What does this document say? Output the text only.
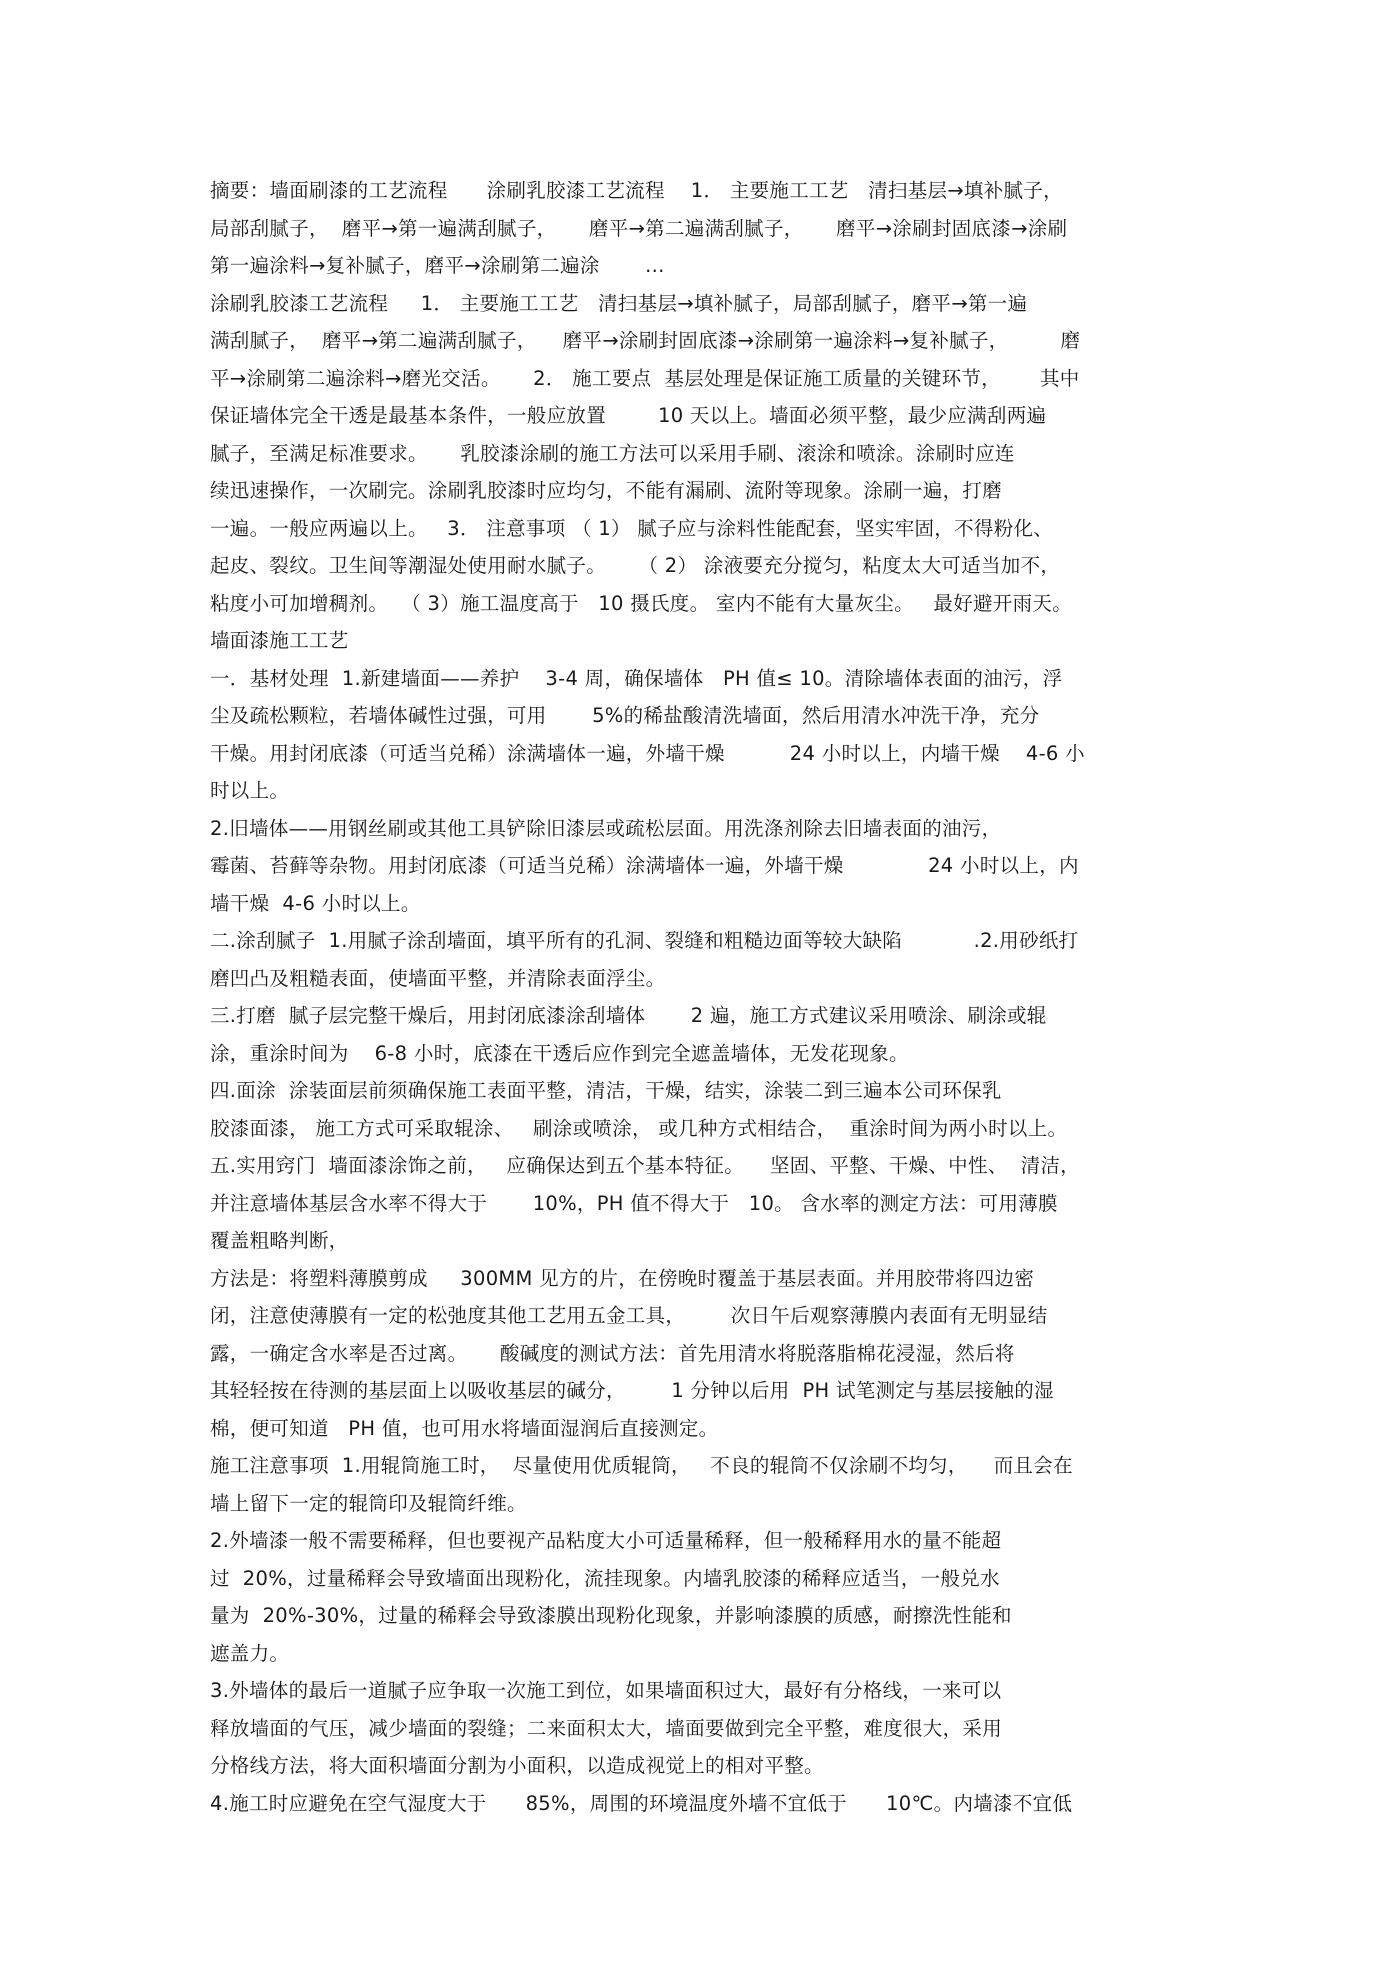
摘要：墙面刷漆的工艺流程      涂刷乳胶漆工艺流程    1． 主要施工工艺   清扫基层→填补腻子，
局部刮腻子，  磨平→第一遍满刮腻子，     磨平→第二遍满刮腻子，     磨平→涂刷封固底漆→涂刷
第一遍涂料→复补腻子，磨平→涂刷第二遍涂       ...
涂刷乳胶漆工艺流程     1． 主要施工工艺   清扫基层→填补腻子，局部刮腻子，磨平→第一遍
满刮腻子，  磨平→第二遍满刮腻子，    磨平→涂刷封固底漆→涂刷第一遍涂料→复补腻子，        磨
平→涂刷第二遍涂料→磨光交活。     2． 施工要点  基层处理是保证施工质量的关键环节，      其中
保证墙体完全干透是最基本条件，一般应放置        10 天以上。墙面必须平整，最少应满刮两遍
腻子，至满足标准要求。     乳胶漆涂刷的施工方法可以采用手刷、滚涂和喷涂。涂刷时应连
续迅速操作，一次刷完。涂刷乳胶漆时应均匀，不能有漏刷、流附等现象。涂刷一遍，打磨
一遍。一般应两遍以上。   3． 注意事项 （ 1） 腻子应与涂料性能配套，坚实牢固，不得粉化、
起皮、裂纹。卫生间等潮湿处使用耐水腻子。     （ 2） 涂液要充分搅匀，粘度太大可适当加不，
粘度小可加增稠剂。  （ 3）施工温度高于   10 摄氏度。 室内不能有大量灰尘。   最好避开雨天。
墙面漆施工工艺
一．基材处理  1.新建墙面——养护    3-4 周，确保墙体   PH 值≤ 10。清除墙体表面的油污，浮
尘及疏松颗粒，若墙体碱性过强，可用       5%的稀盐酸清洗墙面，然后用清水冲洗干净，充分
干燥。用封闭底漆（可适当兑稀）涂满墙体一遍，外墙干燥          24 小时以上，内墙干燥    4-6 小
时以上。
2.旧墙体——用钢丝刷或其他工具铲除旧漆层或疏松层面。用洗涤剂除去旧墙表面的油污，
霉菌、苔藓等杂物。用封闭底漆（可适当兑稀）涂满墙体一遍，外墙干燥             24 小时以上，内
墙干燥  4-6 小时以上。
二.涂刮腻子  1.用腻子涂刮墙面，填平所有的孔洞、裂缝和粗糙边面等较大缺陷           .2.用砂纸打
磨凹凸及粗糙表面，使墙面平整，并清除表面浮尘。
三.打磨  腻子层完整干燥后，用封闭底漆涂刮墙体       2 遍，施工方式建议采用喷涂、刷涂或辊
涂，重涂时间为    6-8 小时，底漆在干透后应作到完全遮盖墙体，无发花现象。
四.面涂  涂装面层前须确保施工表面平整，清洁，干燥，结实，涂装二到三遍本公司环保乳
胶漆面漆， 施工方式可采取辊涂、   刷涂或喷涂， 或几种方式相结合，  重涂时间为两小时以上。
五.实用窍门  墙面漆涂饰之前，   应确保达到五个基本特征。    坚固、平整、干燥、中性、  清洁，
并注意墙体基层含水率不得大于       10%，PH 值不得大于   10。 含水率的测定方法：可用薄膜
覆盖粗略判断，
方法是：将塑料薄膜剪成     300MM 见方的片，在傍晚时覆盖于基层表面。并用胶带将四边密
闭，注意使薄膜有一定的松弛度其他工艺用五金工具，       次日午后观察薄膜内表面有无明显结
露，一确定含水率是否过离。     酸碱度的测试方法：首先用清水将脱落脂棉花浸湿，然后将
其轻轻按在待测的基层面上以吸收基层的碱分，       1 分钟以后用  PH 试笔测定与基层接触的湿
棉，便可知道   PH 值，也可用水将墙面湿润后直接测定。
施工注意事项  1.用辊筒施工时，  尽量使用优质辊筒，   不良的辊筒不仅涂刷不均匀，    而且会在
墙上留下一定的辊筒印及辊筒纤维。
2.外墙漆一般不需要稀释，但也要视产品粘度大小可适量稀释，但一般稀释用水的量不能超
过  20%，过量稀释会导致墙面出现粉化，流挂现象。内墙乳胶漆的稀释应适当，一般兑水
量为  20%-30%，过量的稀释会导致漆膜出现粉化现象，并影响漆膜的质感，耐擦洗性能和
遮盖力。
3.外墙体的最后一道腻子应争取一次施工到位，如果墙面积过大，最好有分格线，一来可以
释放墙面的气压，减少墙面的裂缝；二来面积太大，墙面要做到完全平整，难度很大，采用
分格线方法，将大面积墙面分割为小面积，以造成视觉上的相对平整。
4.施工时应避免在空气湿度大于      85%，周围的环境温度外墙不宜低于      10℃。内墙漆不宜低
